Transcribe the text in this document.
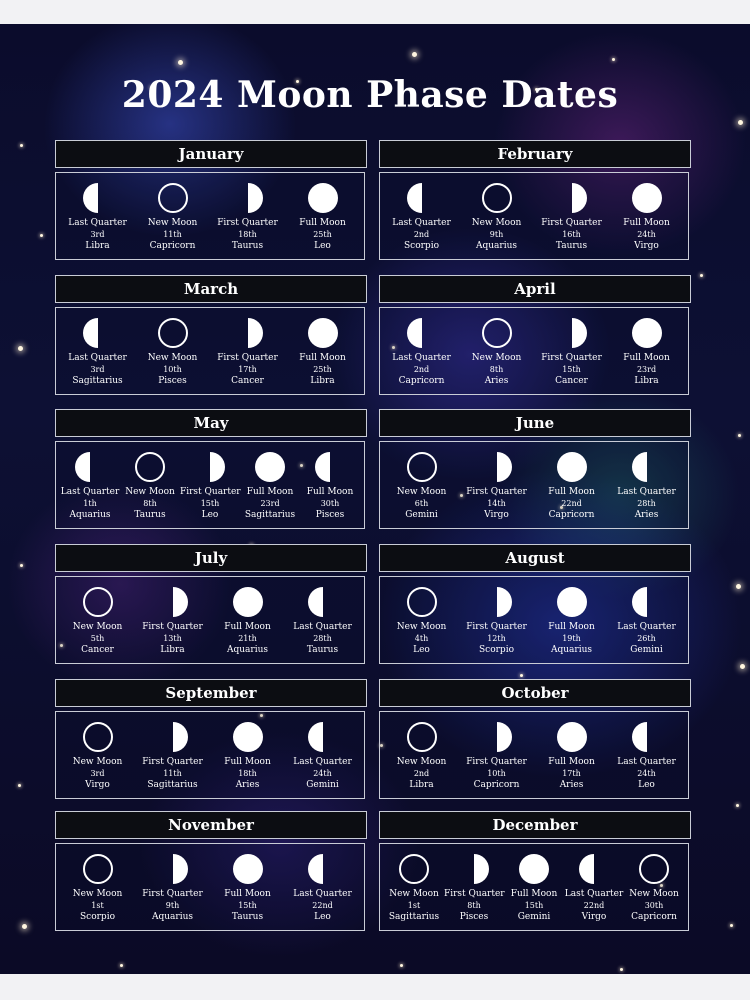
2024 Moon Phase Dates
January
Last Quarter
3rd
Libra
New Moon
11th
Capricorn
First Quarter
18th
Taurus
Full Moon
25th
Leo
February
Last Quarter
2nd
Scorpio
New Moon
9th
Aquarius
First Quarter
16th
Taurus
Full Moon
24th
Virgo
March
Last Quarter
3rd
Sagittarius
New Moon
10th
Pisces
First Quarter
17th
Cancer
Full Moon
25th
Libra
April
Last Quarter
2nd
Capricorn
New Moon
8th
Aries
First Quarter
15th
Cancer
Full Moon
23rd
Libra
May
Last Quarter
1th
Aquarius
New Moon
8th
Taurus
First Quarter
15th
Leo
Full Moon
23rd
Sagittarius
Full Moon
30th
Pisces
June
New Moon
6th
Gemini
First Quarter
14th
Virgo
Full Moon
22nd
Capricorn
Last Quarter
28th
Aries
July
New Moon
5th
Cancer
First Quarter
13th
Libra
Full Moon
21th
Aquarius
Last Quarter
28th
Taurus
August
New Moon
4th
Leo
First Quarter
12th
Scorpio
Full Moon
19th
Aquarius
Last Quarter
26th
Gemini
September
New Moon
3rd
Virgo
First Quarter
11th
Sagittarius
Full Moon
18th
Aries
Last Quarter
24th
Gemini
October
New Moon
2nd
Libra
First Quarter
10th
Capricorn
Full Moon
17th
Aries
Last Quarter
24th
Leo
November
New Moon
1st
Scorpio
First Quarter
9th
Aquarius
Full Moon
15th
Taurus
Last Quarter
22nd
Leo
December
New Moon
1st
Sagittarius
First Quarter
8th
Pisces
Full Moon
15th
Gemini
Last Quarter
22nd
Virgo
New Moon
30th
Capricorn
